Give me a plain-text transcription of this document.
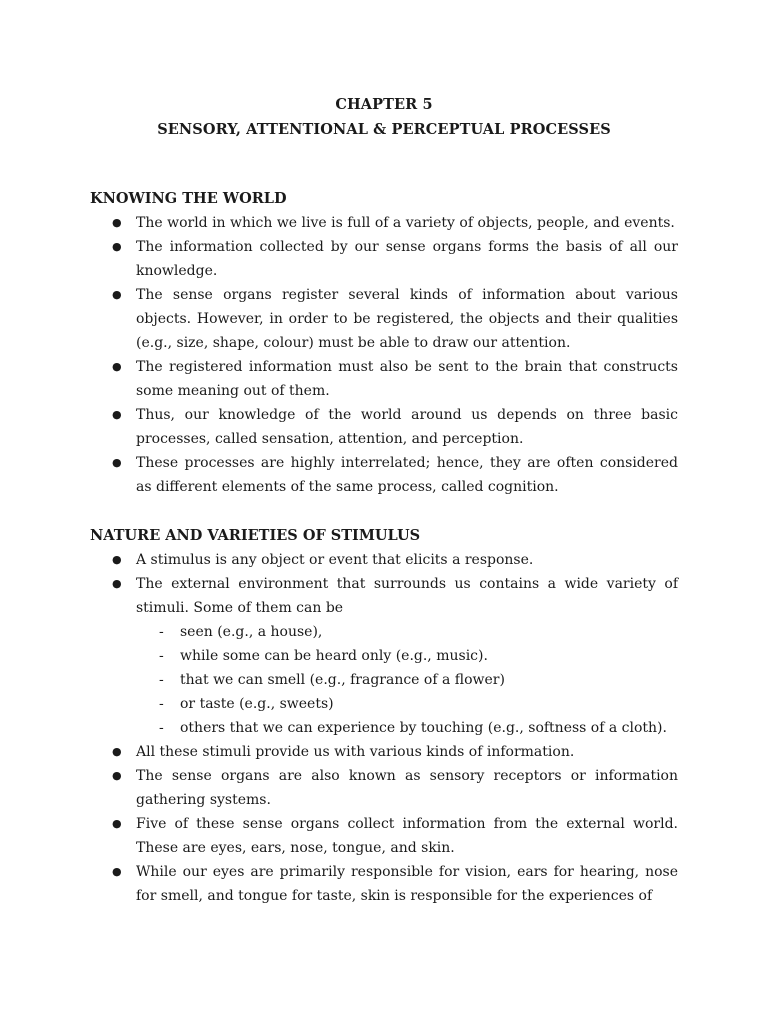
CHAPTER 5
SENSORY, ATTENTIONAL & PERCEPTUAL PROCESSES
KNOWING THE WORLD
● The world in which we live is full of a variety of objects, people, and events.
● The information collected by our sense organs forms the basis of all our knowledge.
● The sense organs register several kinds of information about various objects. However, in order to be registered, the objects and their qualities (e.g., size, shape, colour) must be able to draw our attention.
● The registered information must also be sent to the brain that constructs some meaning out of them.
● Thus, our knowledge of the world around us depends on three basic processes, called sensation, attention, and perception.
● These processes are highly interrelated; hence, they are often considered as different elements of the same process, called cognition.
NATURE AND VARIETIES OF STIMULUS
● A stimulus is any object or event that elicits a response.
● The external environment that surrounds us contains a wide variety of stimuli. Some of them can be
- seen (e.g., a house),
- while some can be heard only (e.g., music).
- that we can smell (e.g., fragrance of a flower)
- or taste (e.g., sweets)
- others that we can experience by touching (e.g., softness of a cloth).
● All these stimuli provide us with various kinds of information.
● The sense organs are also known as sensory receptors or information gathering systems.
● Five of these sense organs collect information from the external world. These are eyes, ears, nose, tongue, and skin.
● While our eyes are primarily responsible for vision, ears for hearing, nose for smell, and tongue for taste, skin is responsible for the experiences of
